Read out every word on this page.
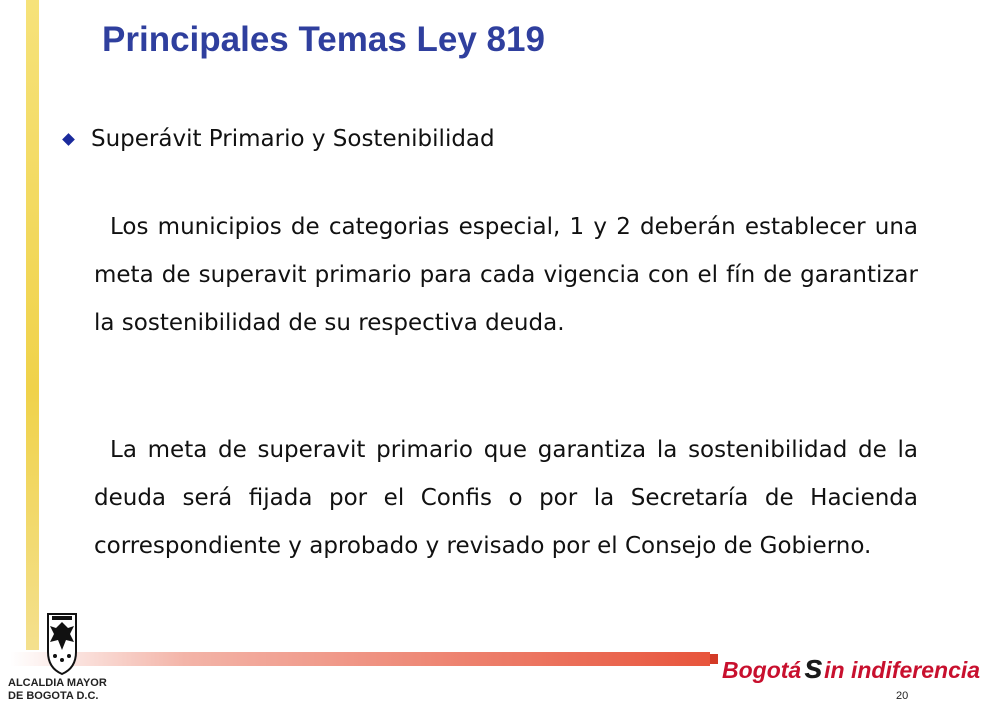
Principales Temas Ley 819
Superávit Primario y Sostenibilidad
Los municipios de categorias especial, 1 y 2 deberán establecer una meta de superavit primario para cada vigencia con el fín de garantizar la sostenibilidad de su respectiva deuda.
La meta de superavit primario que garantiza la sostenibilidad de la deuda será fijada por el Confis o por la Secretaría de Hacienda correspondiente y aprobado y revisado por el Consejo de Gobierno.
ALCALDIA MAYOR
DE BOGOTA D.C.
Bogotásin indiferencia
20
